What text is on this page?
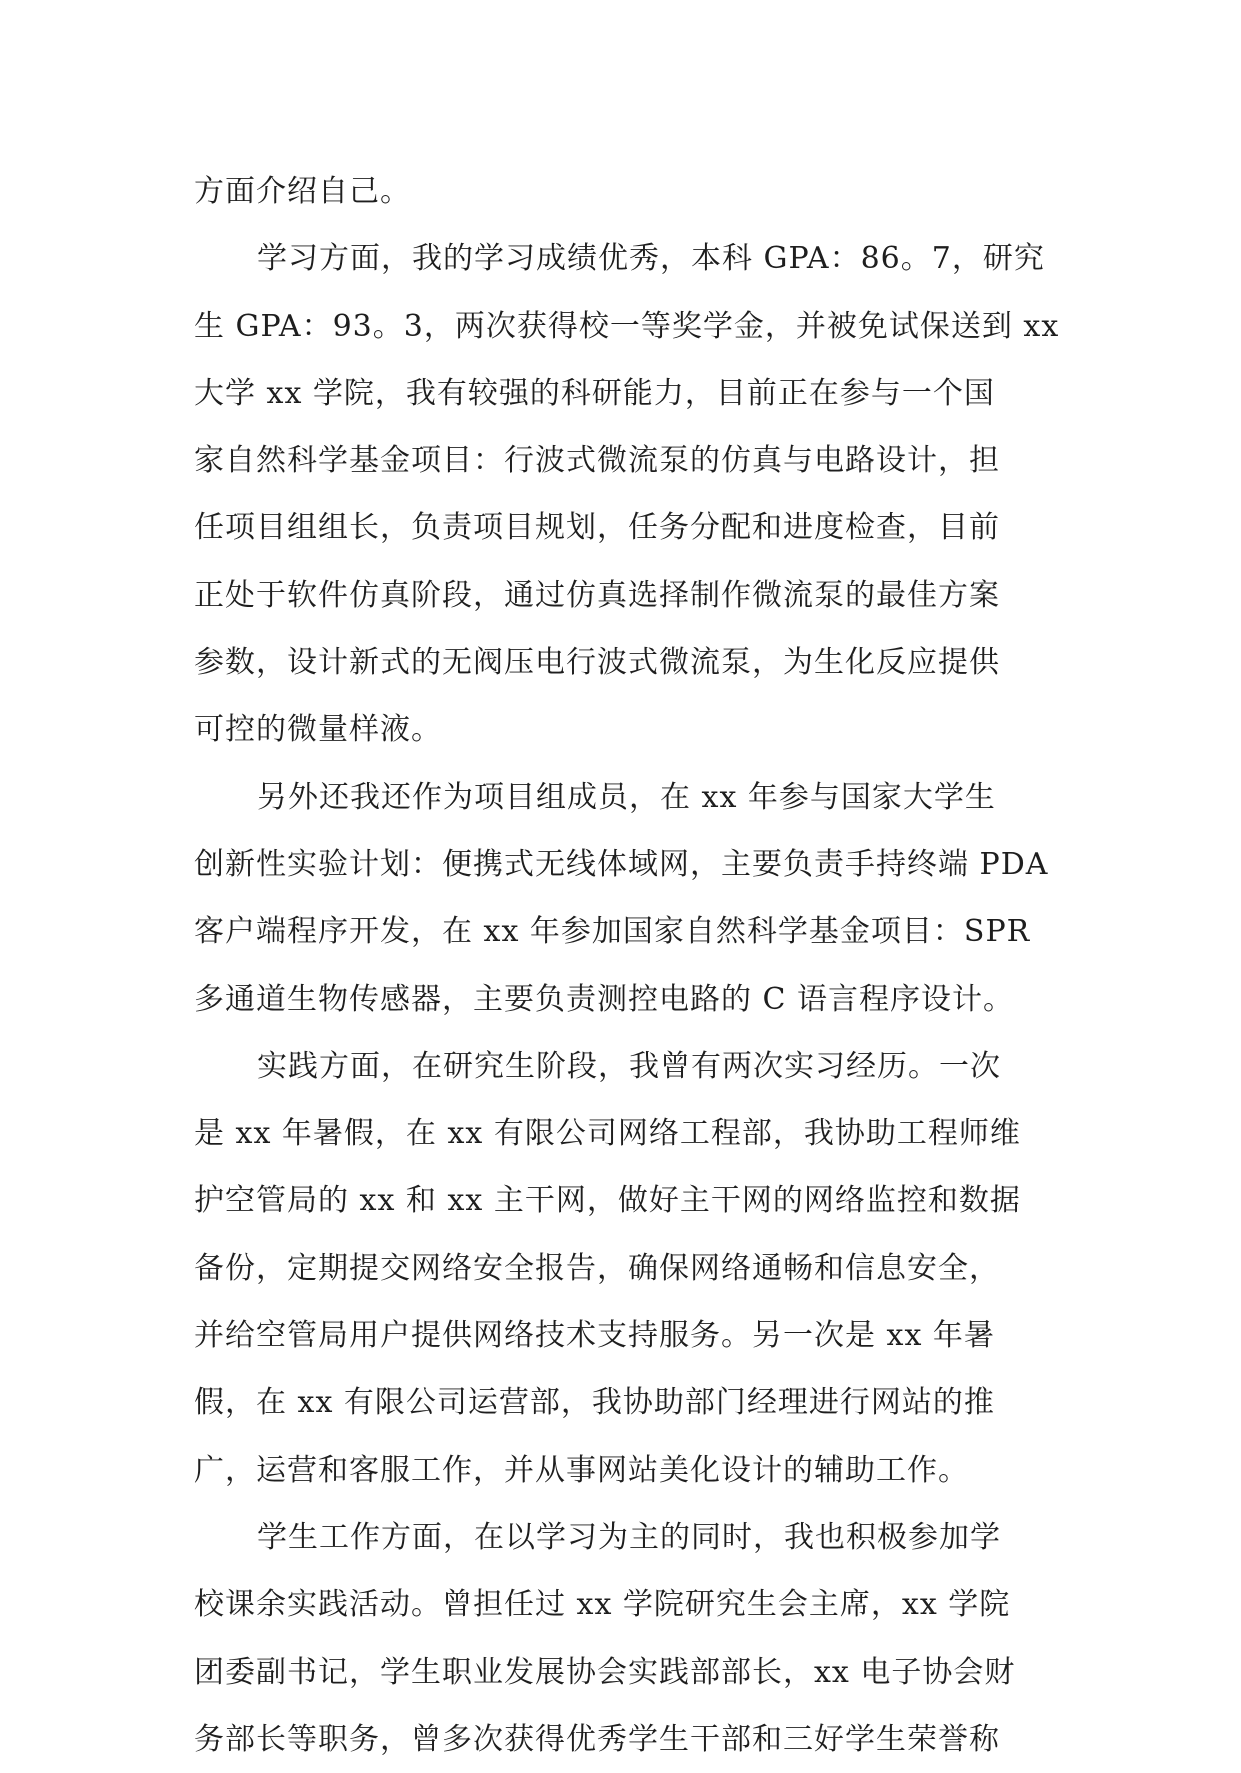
方面介绍自己。
学习方面，我的学习成绩优秀，本科 GPA：86。7，研究
生 GPA：93。3，两次获得校一等奖学金，并被免试保送到 xx
大学 xx 学院，我有较强的科研能力，目前正在参与一个国
家自然科学基金项目：行波式微流泵的仿真与电路设计，担
任项目组组长，负责项目规划，任务分配和进度检查，目前
正处于软件仿真阶段，通过仿真选择制作微流泵的最佳方案
参数，设计新式的无阀压电行波式微流泵，为生化反应提供
可控的微量样液。
另外还我还作为项目组成员，在 xx 年参与国家大学生
创新性实验计划：便携式无线体域网，主要负责手持终端 PDA
客户端程序开发，在 xx 年参加国家自然科学基金项目：SPR
多通道生物传感器，主要负责测控电路的 C 语言程序设计。
实践方面，在研究生阶段，我曾有两次实习经历。一次
是 xx 年暑假，在 xx 有限公司网络工程部，我协助工程师维
护空管局的 xx 和 xx 主干网，做好主干网的网络监控和数据
备份，定期提交网络安全报告，确保网络通畅和信息安全，
并给空管局用户提供网络技术支持服务。另一次是 xx 年暑
假，在 xx 有限公司运营部，我协助部门经理进行网站的推
广，运营和客服工作，并从事网站美化设计的辅助工作。
学生工作方面，在以学习为主的同时，我也积极参加学
校课余实践活动。曾担任过 xx 学院研究生会主席，xx 学院
团委副书记，学生职业发展协会实践部部长，xx 电子协会财
务部长等职务，曾多次获得优秀学生干部和三好学生荣誉称
